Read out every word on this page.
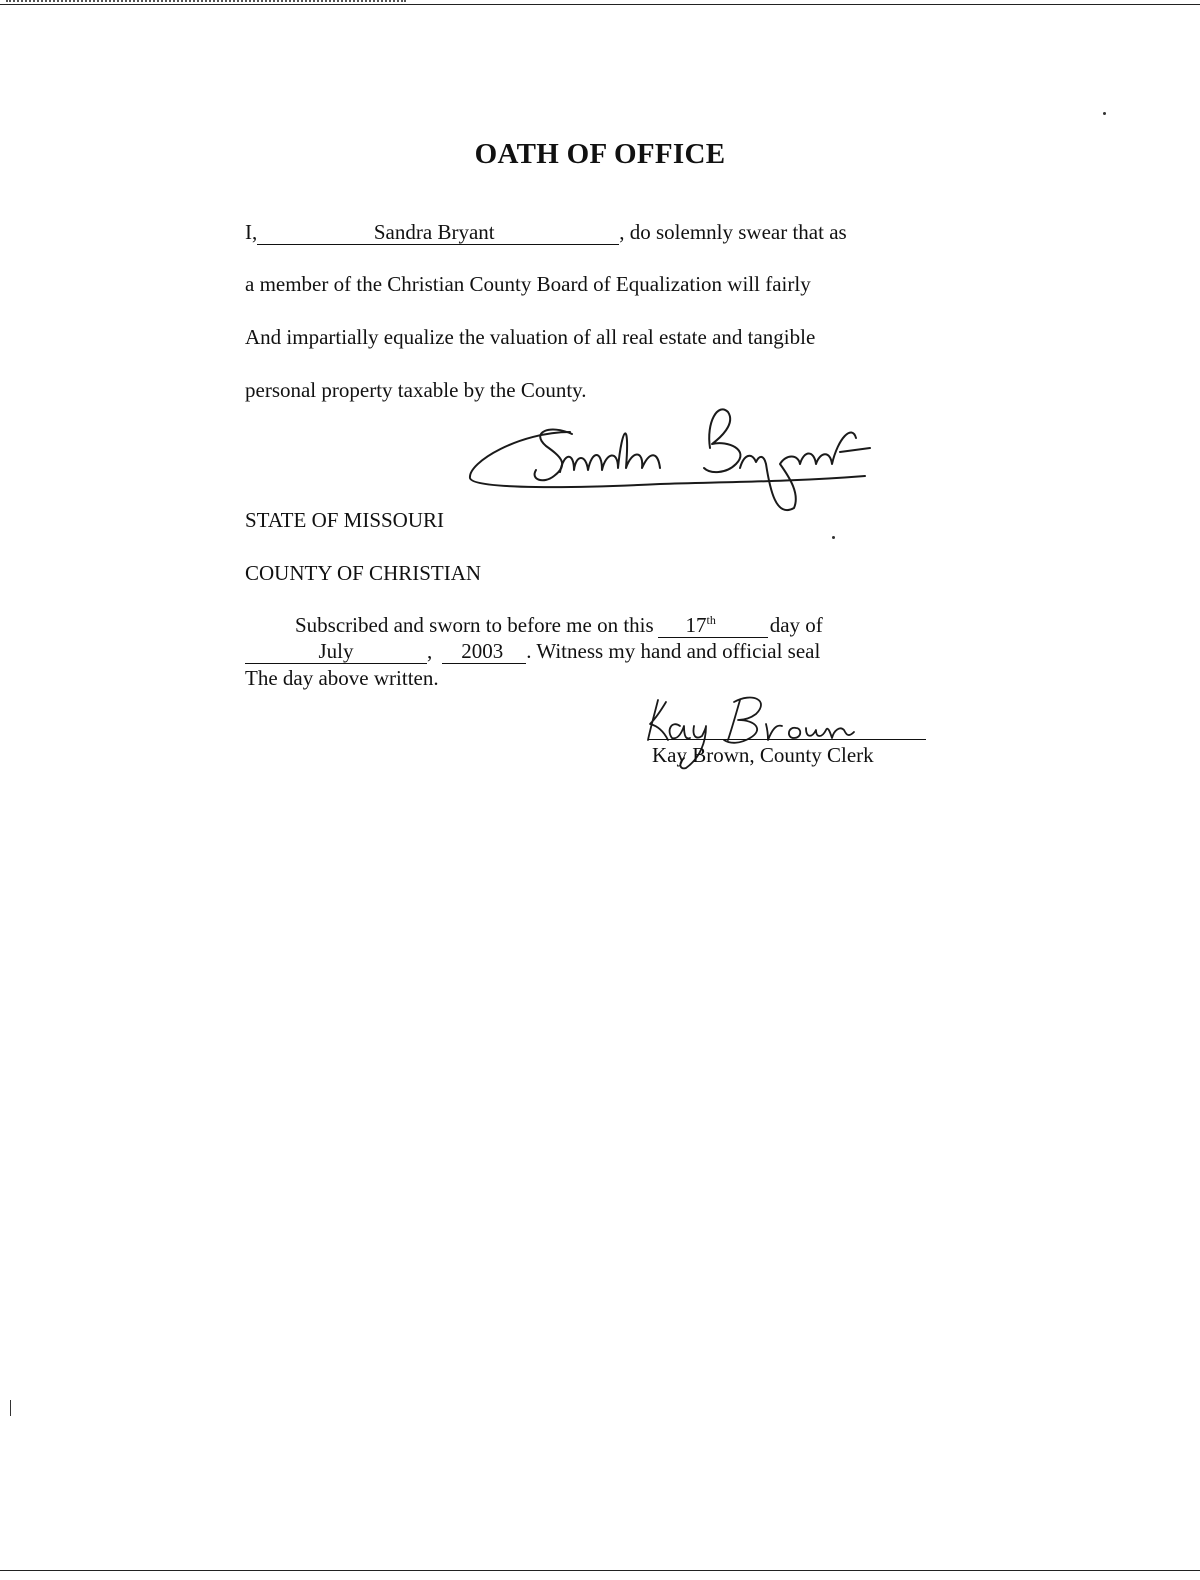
OATH OF OFFICE
I,	Sandra Bryant	, do solemnly swear that as
a member of the Christian County Board of Equalization will fairly
And impartially equalize the valuation of all real estate and tangible
personal property taxable by the County.
STATE OF MISSOURI
COUNTY OF CHRISTIAN
Subscribed and sworn to before me on this 17th	day of
July	, 2003 . Witness my hand and official seal
The day above written.
Kay Brown, County Clerk
